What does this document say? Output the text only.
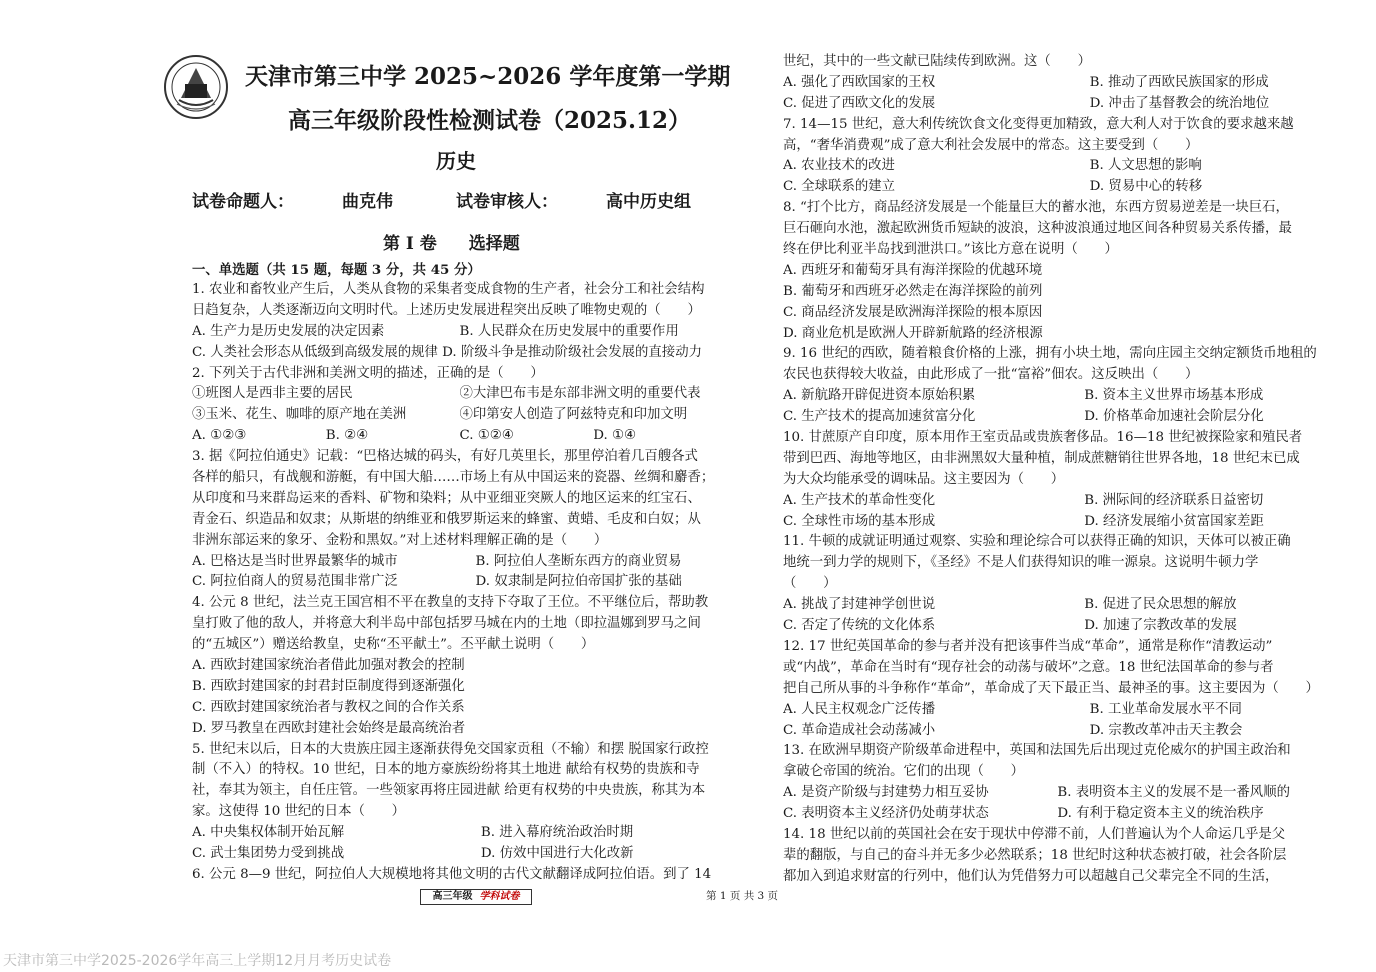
天津市第三中学 2025~2026 学年度第一学期
高三年级阶段性检测试卷（2025.12）
历史
试卷命题人：	曲克伟	试卷审核人：	高中历史组
第 I 卷 选择题
一、单选题（共 15 题，每题 3 分，共 45 分）
1. 农业和畜牧业产生后，人类从食物的采集者变成食物的生产者，社会分工和社会结构
日趋复杂，人类逐渐迈向文明时代。上述历史发展进程突出反映了唯物史观的（　　）
A. 生产力是历史发展的决定因素	B. 人民群众在历史发展中的重要作用
C. 人类社会形态从低级到高级发展的规律 D. 阶级斗争是推动阶级社会发展的直接动力
2. 下列关于古代非洲和美洲文明的描述，正确的是（　　）
①班图人是西非主要的居民	②大津巴布韦是东部非洲文明的重要代表
③玉米、花生、咖啡的原产地在美洲	④印第安人创造了阿兹特克和印加文明
A. ①②③	B. ②④	C. ①②④	D. ①④
3. 据《阿拉伯通史》记载：“巴格达城的码头，有好几英里长，那里停泊着几百艘各式
各样的船只，有战舰和游艇，有中国大船……市场上有从中国运来的瓷器、丝绸和麝香；
从印度和马来群岛运来的香料、矿物和染料；从中亚细亚突厥人的地区运来的红宝石、
青金石、织造品和奴隶；从斯堪的纳维亚和俄罗斯运来的蜂蜜、黄蜡、毛皮和白奴；从
非洲东部运来的象牙、金粉和黑奴。”对上述材料理解正确的是（　　）
A. 巴格达是当时世界最繁华的城市	B. 阿拉伯人垄断东西方的商业贸易
C. 阿拉伯商人的贸易范围非常广泛	D. 奴隶制是阿拉伯帝国扩张的基础
4. 公元 8 世纪，法兰克王国宫相不平在教皇的支持下夺取了王位。不平继位后，帮助教
皇打败了他的敌人，并将意大利半岛中部包括罗马城在内的土地（即拉温娜到罗马之间
的“五城区”）赠送给教皇，史称“丕平献土”。丕平献土说明（　　）
A. 西欧封建国家统治者借此加强对教会的控制
B. 西欧封建国家的封君封臣制度得到逐渐强化
C. 西欧封建国家统治者与教权之间的合作关系
D. 罗马教皇在西欧封建社会始终是最高统治者
5. 世纪末以后，日本的大贵族庄园主逐渐获得免交国家贡租（不输）和摆 脱国家行政控
制（不入）的特权。10 世纪，日本的地方豪族纷纷将其土地进 献给有权势的贵族和寺
社，奉其为领主，自任庄管。一些领家再将庄园进献 给更有权势的中央贵族，称其为本
家。这使得 10 世纪的日本（　　）
A. 中央集权体制开始瓦解	B. 进入幕府统治政治时期
C. 武士集团势力受到挑战	D. 仿效中国进行大化改新
6. 公元 8—9 世纪，阿拉伯人大规模地将其他文明的古代文献翻译成阿拉伯语。到了 14
世纪，其中的一些文献已陆续传到欧洲。这（　　）
A. 强化了西欧国家的王权	B. 推动了西欧民族国家的形成
C. 促进了西欧文化的发展	D. 冲击了基督教会的统治地位
7. 14—15 世纪，意大利传统饮食文化变得更加精致，意大利人对于饮食的要求越来越
高，“奢华消费观”成了意大利社会发展中的常态。这主要受到（　　）
A. 农业技术的改进	B. 人文思想的影响
C. 全球联系的建立	D. 贸易中心的转移
8. “打个比方，商品经济发展是一个能量巨大的蓄水池，东西方贸易逆差是一块巨石，
巨石砸向水池，激起欧洲货币短缺的波浪，这种波浪通过地区间各种贸易关系传播，最
终在伊比利亚半岛找到泄洪口。”该比方意在说明（　　）
A. 西班牙和葡萄牙具有海洋探险的优越环境
B. 葡萄牙和西班牙必然走在海洋探险的前列
C. 商品经济发展是欧洲海洋探险的根本原因
D. 商业危机是欧洲人开辟新航路的经济根源
9. 16 世纪的西欧，随着粮食价格的上涨，拥有小块土地，需向庄园主交纳定额货币地租的
农民也获得较大收益，由此形成了一批“富裕”佃农。这反映出（　　）
A. 新航路开辟促进资本原始积累	B. 资本主义世界市场基本形成
C. 生产技术的提高加速贫富分化	D. 价格革命加速社会阶层分化
10. 甘蔗原产自印度，原本用作王室贡品或贵族奢侈品。16—18 世纪被探险家和殖民者
带到巴西、海地等地区，由非洲黑奴大量种植，制成蔗糖销往世界各地，18 世纪末已成
为大众均能承受的调味品。这主要因为（　　）
A. 生产技术的革命性变化	B. 洲际间的经济联系日益密切
C. 全球性市场的基本形成	D. 经济发展缩小贫富国家差距
11. 牛顿的成就证明通过观察、实验和理论综合可以获得正确的知识，天体可以被正确
地统一到力学的规则下，《圣经》不是人们获得知识的唯一源泉。这说明牛顿力学
（　　）
A. 挑战了封建神学创世说	B. 促进了民众思想的解放
C. 否定了传统的文化体系	D. 加速了宗教改革的发展
12. 17 世纪英国革命的参与者并没有把该事件当成“革命”，通常是称作“清教运动”
或“内战”，革命在当时有“现存社会的动荡与破坏”之意。18 世纪法国革命的参与者
把自己所从事的斗争称作“革命”，革命成了天下最正当、最神圣的事。这主要因为（　　）
A. 人民主权观念广泛传播	B. 工业革命发展水平不同
C. 革命造成社会动荡减小	D. 宗教改革冲击天主教会
13. 在欧洲早期资产阶级革命进程中，英国和法国先后出现过克伦威尔的护国主政治和
拿破仑帝国的统治。它们的出现（　　）
A. 是资产阶级与封建势力相互妥协	B. 表明资本主义的发展不是一番风顺的
C. 表明资本主义经济仍处萌芽状态	D. 有利于稳定资本主义的统治秩序
14. 18 世纪以前的英国社会在安于现状中停滞不前，人们普遍认为个人命运几乎是父
辈的翻版，与自己的奋斗并无多少必然联系；18 世纪时这种状态被打破，社会各阶层
都加入到追求财富的行列中，他们认为凭借努力可以超越自己父辈完全不同的生活，
高三年级 学科试卷	第 1 页 共 3 页
天津市第三中学2025-2026学年高三上学期12月月考历史试卷
